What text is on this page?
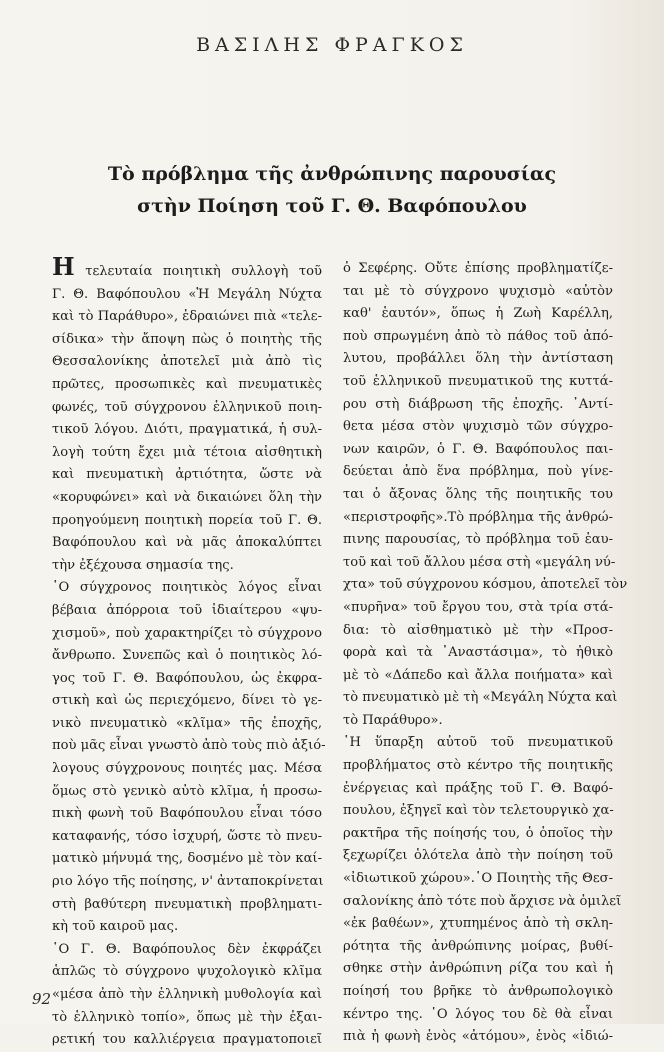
ΒΑΣΙΛΗΣ ΦΡΑΓΚΟΣ
Τὸ πρόβλημα τῆς ἀνθρώπινης παρουσίας
στὴν Ποίηση τοῦ Γ. Θ. Βαφόπουλου
Η τελευταία ποιητικὴ συλλογὴ τοῦ
Γ. Θ. Βαφόπουλου «Ἡ Μεγάλη Νύχτα
καὶ τὸ Παράθυρο», ἑδραιώνει πιὰ «τελε-
σίδικα» τὴν ἄποψη πὼς ὁ ποιητὴς τῆς
Θεσσαλονίκης ἀποτελεῖ μιὰ ἀπὸ τὶς
πρῶτες, προσωπικὲς καὶ πνευματικὲς
φωνές, τοῦ σύγχρονου ἑλληνικοῦ ποιη-
τικοῦ λόγου. Διότι, πραγματικά, ἡ συλ-
λογὴ τούτη ἔχει μιὰ τέτοια αἰσθητικὴ
καὶ πνευματικὴ ἀρτιότητα, ὥστε νὰ
«κορυφώνει» καὶ νὰ δικαιώνει ὅλη τὴν
προηγούμενη ποιητικὴ πορεία τοῦ Γ. Θ.
Βαφόπουλου καὶ νὰ μᾶς ἀποκαλύπτει
τὴν ἐξέχουσα σημασία της.
῾Ο σύγχρονος ποιητικὸς λόγος εἶναι
βέβαια ἀπόρροια τοῦ ἰδιαίτερου «ψυ-
χισμοῦ», ποὺ χαρακτηρίζει τὸ σύγχρονο
ἄνθρωπο. Συνεπῶς καὶ ὁ ποιητικὸς λό-
γος τοῦ Γ. Θ. Βαφόπουλου, ὡς ἐκφρα-
στικὴ καὶ ὡς περιεχόμενο, δίνει τὸ γε-
νικὸ πνευματικὸ «κλῖμα» τῆς ἐποχῆς,
ποὺ μᾶς εἶναι γνωστὸ ἀπὸ τοὺς πιὸ ἀξιό-
λογους σύγχρονους ποιητές μας. Μέσα
ὅμως στὸ γενικὸ αὐτὸ κλῖμα, ἡ προσω-
πικὴ φωνὴ τοῦ Βαφόπουλου εἶναι τόσο
καταφανής, τόσο ἰσχυρή, ὥστε τὸ πνευ-
ματικὸ μήνυμά της, δοσμένο μὲ τὸν καί-
ριο λόγο τῆς ποίησης, ν' ἀνταποκρίνεται
στὴ βαθύτερη πνευματικὴ προβληματι-
κὴ τοῦ καιροῦ μας.
῾Ο Γ. Θ. Βαφόπουλος δὲν ἐκφράζει
ἁπλῶς τὸ σύγχρονο ψυχολογικὸ κλῖμα
«μέσα ἀπὸ τὴν ἑλληνικὴ μυθολογία καὶ
τὸ ἑλληνικὸ τοπίο», ὅπως μὲ τὴν ἐξαι-
ρετική του καλλιέργεια πραγματοποιεῖ
ὁ Σεφέρης. Οὔτε ἐπίσης προβληματίζε-
ται μὲ τὸ σύγχρονο ψυχισμὸ «αὐτὸν
καθ' ἑαυτόν», ὅπως ἡ Ζωὴ Καρέλλη,
ποὺ σπρωγμένη ἀπὸ τὸ πάθος τοῦ ἀπό-
λυτου, προβάλλει ὅλη τὴν ἀντίσταση
τοῦ ἑλληνικοῦ πνευματικοῦ της κυττά-
ρου στὴ διάβρωση τῆς ἐποχῆς. ᾿Αντί-
θετα μέσα στὸν ψυχισμὸ τῶν σύγχρο-
νων καιρῶν, ὁ Γ. Θ. Βαφόπουλος παι-
δεύεται ἀπὸ ἕνα πρόβλημα, ποὺ γίνε-
ται ὁ ἄξονας ὅλης τῆς ποιητικῆς του
«περιστροφῆς».Τὸ πρόβλημα τῆς ἀνθρώ-
πινης παρουσίας, τὸ πρόβλημα τοῦ ἑαυ-
τοῦ καὶ τοῦ ἄλλου μέσα στὴ «μεγάλη νύ-
χτα» τοῦ σύγχρονου κόσμου, ἀποτελεῖ τὸν
«πυρῆνα» τοῦ ἔργου του, στὰ τρία στά-
δια: τὸ αἰσθηματικὸ μὲ τὴν «Προσ-
φορὰ καὶ τὰ ᾿Αναστάσιμα», τὸ ἠθικὸ
μὲ τὸ «Δάπεδο καὶ ἄλλα ποιήματα» καὶ
τὸ πνευματικὸ μὲ τὴ «Μεγάλη Νύχτα καὶ
τὸ Παράθυρο».
῾Η ὕπαρξη αὐτοῦ τοῦ πνευματικοῦ
προβλήματος στὸ κέντρο τῆς ποιητικῆς
ἐνέργειας καὶ πράξης τοῦ Γ. Θ. Βαφό-
πουλου, ἐξηγεῖ καὶ τὸν τελετουργικὸ χα-
ρακτῆρα τῆς ποίησής του, ὁ ὁποῖος τὴν
ξεχωρίζει ὁλότελα ἀπὸ τὴν ποίηση τοῦ
«ἰδιωτικοῦ χώρου».῾Ο Ποιητὴς τῆς Θεσ-
σαλονίκης ἀπὸ τότε ποὺ ἄρχισε νὰ ὁμιλεῖ
«ἐκ βαθέων», χτυπημένος ἀπὸ τὴ σκλη-
ρότητα τῆς ἀνθρώπινης μοίρας, βυθί-
σθηκε στὴν ἀνθρώπινη ρίζα του καὶ ἡ
ποίησή του βρῆκε τὸ ἀνθρωπολογικὸ
κέντρο της. ῾Ο λόγος του δὲ θὰ εἶναι
πιὰ ἡ φωνὴ ἑνὸς «ἀτόμου», ἑνὸς «ἰδιώ-
92
